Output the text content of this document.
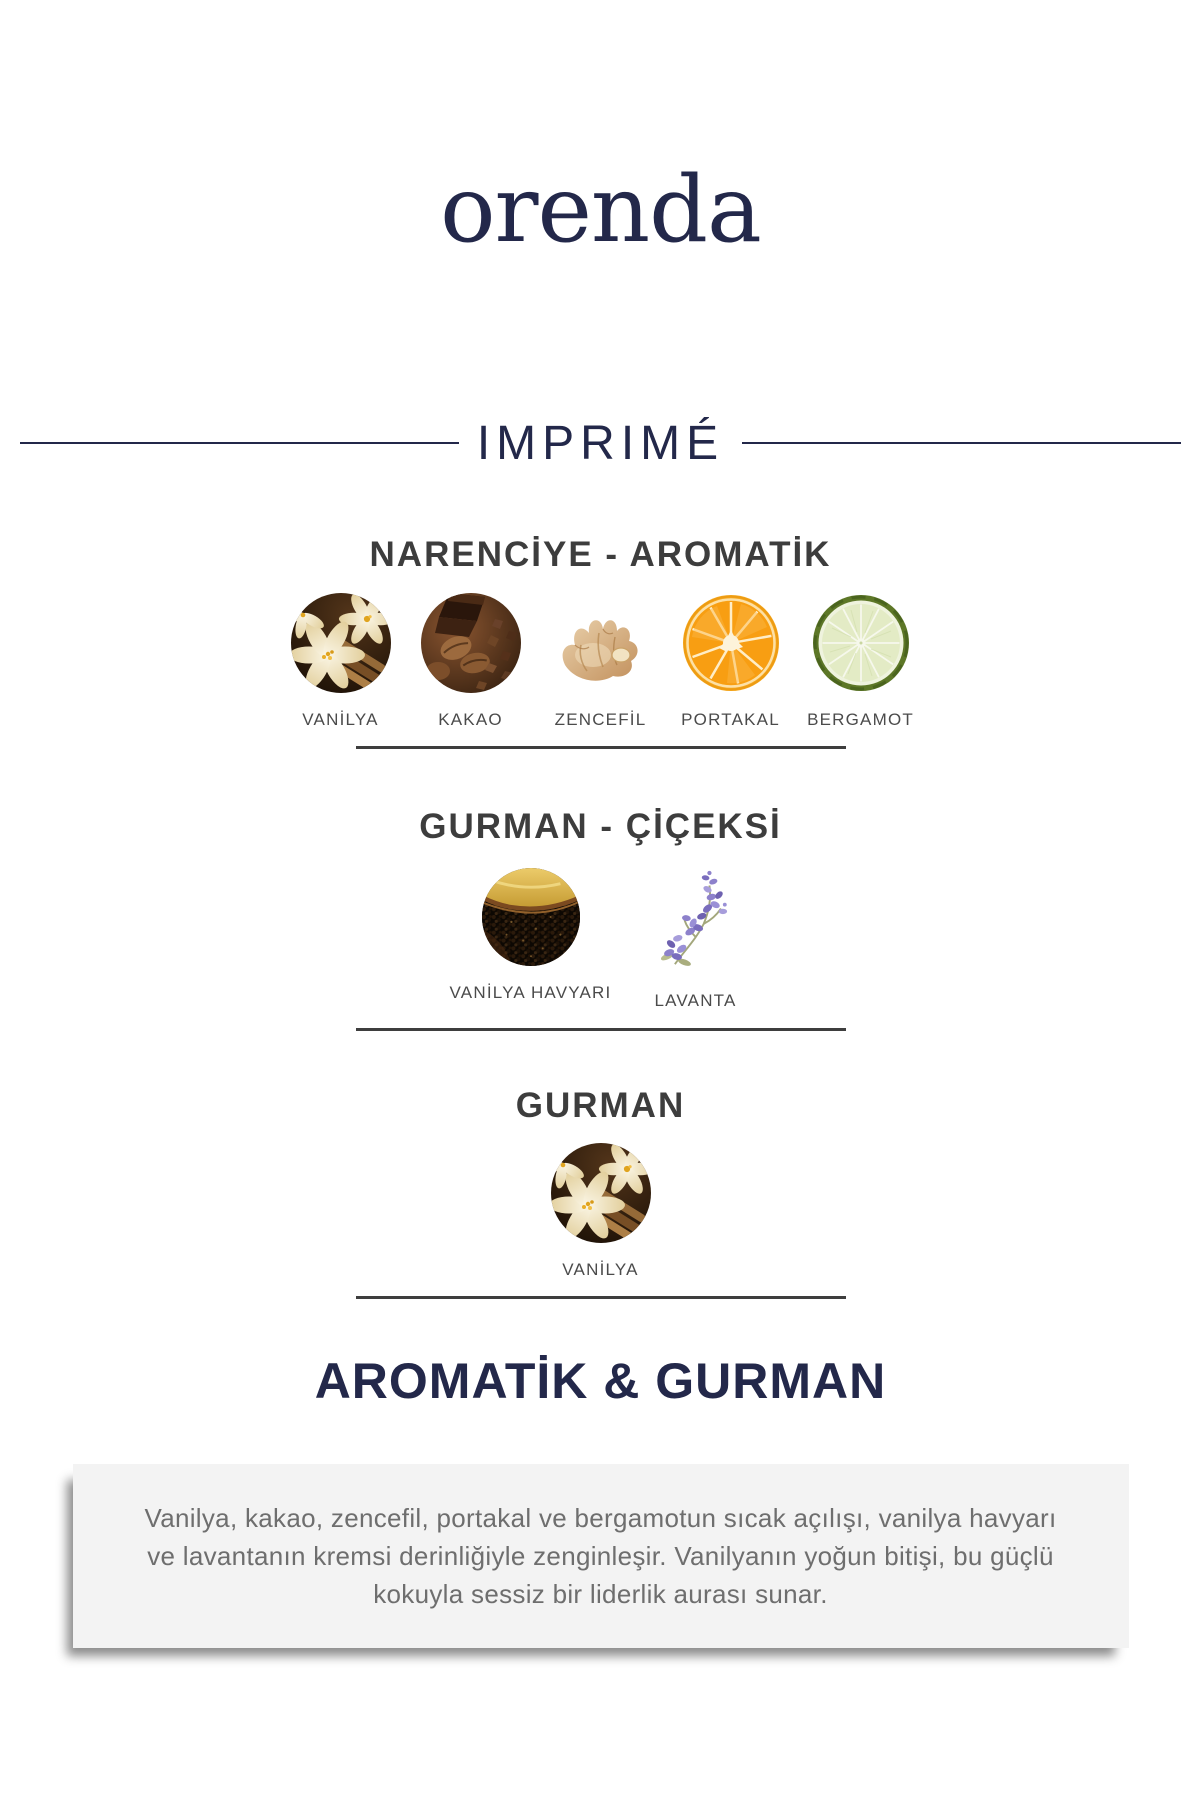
orenda
IMPRIMÉ
NARENCİYE - AROMATİK
VANİLYA	KAKAO	ZENCEFİL PORTAKAL BERGAMOT
GURMAN - ÇİÇEKSİ
VANİLYA HAVYARI	LAVANTA
GURMAN
VANİLYA
AROMATİK & GURMAN

Vanilya, kakao, zencefil, portakal ve bergamotun sıcak açılışı, vanilya havyarı ve lavantanın kremsi derinliğiyle zenginleşir. Vanilyanın yoğun bitişi, bu güçlü kokuyla sessiz bir liderlik aurası sunar.
